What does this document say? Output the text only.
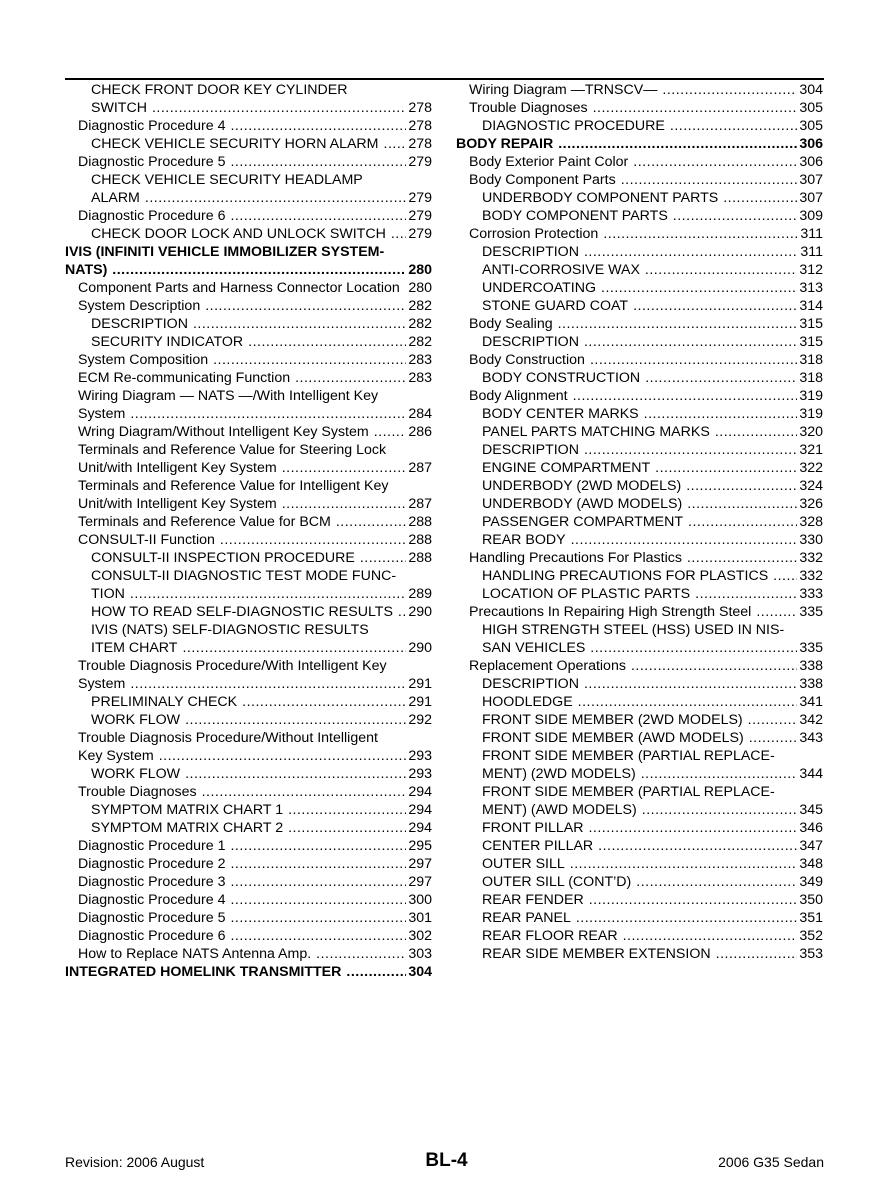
CHECK FRONT DOOR KEY CYLINDER
SWITCH .....	278
Diagnostic Procedure 4 .....	278
CHECK VEHICLE SECURITY HORN ALARM ..... 278
Diagnostic Procedure 5 .....	279
CHECK VEHICLE SECURITY HEADLAMP
ALARM .....	279
Diagnostic Procedure 6 .....	279
CHECK DOOR LOCK AND UNLOCK SWITCH ..... 279
IVIS (INFINITI VEHICLE IMMOBILIZER SYSTEM-
NATS) .....	280
Component Parts and Harness Connector Location ..... 280
System Description .....	282
DESCRIPTION .....	282
SECURITY INDICATOR .....	282
System Composition .....	283
ECM Re-communicating Function .....	283
Wiring Diagram — NATS —/With Intelligent Key
System .....	284
Wring Diagram/Without Intelligent Key System .....	286
Terminals and Reference Value for Steering Lock
Unit/with Intelligent Key System .....	287
Terminals and Reference Value for Intelligent Key
Unit/with Intelligent Key System .....	287
Terminals and Reference Value for BCM .....	288
CONSULT-II Function .....	288
CONSULT-II INSPECTION PROCEDURE .....	288
CONSULT-II DIAGNOSTIC TEST MODE FUNC-
TION .....	289
HOW TO READ SELF-DIAGNOSTIC RESULTS ..... 290
IVIS (NATS) SELF-DIAGNOSTIC RESULTS
ITEM CHART .....	290
Trouble Diagnosis Procedure/With Intelligent Key
System .....	291
PRELIMINALY CHECK .....	291
WORK FLOW .....	292
Trouble Diagnosis Procedure/Without Intelligent
Key System .....	293
WORK FLOW .....	293
Trouble Diagnoses .....	294
SYMPTOM MATRIX CHART 1 .....	294
SYMPTOM MATRIX CHART 2 .....	294
Diagnostic Procedure 1 .....	295
Diagnostic Procedure 2 .....	297
Diagnostic Procedure 3 .....	297
Diagnostic Procedure 4 .....	300
Diagnostic Procedure 5 .....	301
Diagnostic Procedure 6 .....	302
How to Replace NATS Antenna Amp. .....	303
INTEGRATED HOMELINK TRANSMITTER .....	304
Wiring Diagram —TRNSCV— .....	304
Trouble Diagnoses .....	305
DIAGNOSTIC PROCEDURE .....	305
BODY REPAIR .....	306
Body Exterior Paint Color .....	306
Body Component Parts .....	307
UNDERBODY COMPONENT PARTS .....	307
BODY COMPONENT PARTS .....	309
Corrosion Protection .....	311
DESCRIPTION .....	311
ANTI-CORROSIVE WAX .....	312
UNDERCOATING .....	313
STONE GUARD COAT .....	314
Body Sealing .....	315
DESCRIPTION .....	315
Body Construction .....	318
BODY CONSTRUCTION .....	318
Body Alignment .....	319
BODY CENTER MARKS .....	319
PANEL PARTS MATCHING MARKS .....	320
DESCRIPTION .....	321
ENGINE COMPARTMENT .....	322
UNDERBODY (2WD MODELS) .....	324
UNDERBODY (AWD MODELS) .....	326
PASSENGER COMPARTMENT .....	328
REAR BODY .....	330
Handling Precautions For Plastics .....	332
HANDLING PRECAUTIONS FOR PLASTICS ..... 332
LOCATION OF PLASTIC PARTS .....	333
Precautions In Repairing High Strength Steel .....	335
HIGH STRENGTH STEEL (HSS) USED IN NIS-
SAN VEHICLES .....	335
Replacement Operations .....	338
DESCRIPTION .....	338
HOODLEDGE .....	341
FRONT SIDE MEMBER (2WD MODELS) .....	342
FRONT SIDE MEMBER (AWD MODELS) .....	343
FRONT SIDE MEMBER (PARTIAL REPLACE-
MENT) (2WD MODELS) .....	344
FRONT SIDE MEMBER (PARTIAL REPLACE-
MENT) (AWD MODELS) .....	345
FRONT PILLAR .....	346
CENTER PILLAR .....	347
OUTER SILL .....	348
OUTER SILL (CONT’D) .....	349
REAR FENDER .....	350
REAR PANEL .....	351
REAR FLOOR REAR .....	352
REAR SIDE MEMBER EXTENSION .....	353
Revision: 2006 August	BL-4	2006 G35 Sedan
